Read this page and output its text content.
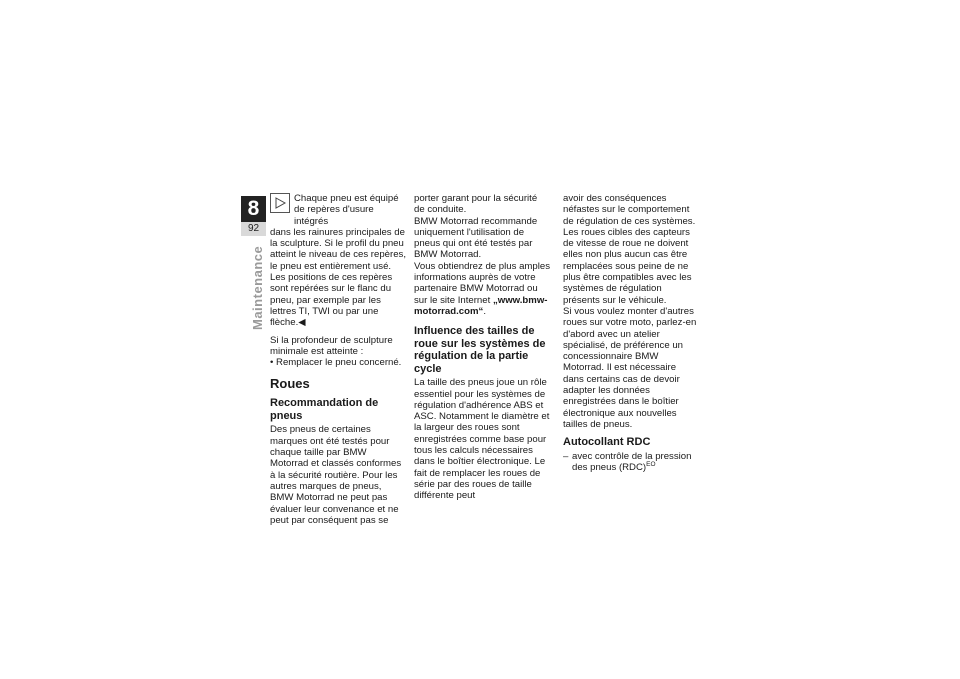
8
92
Maintenance

Chaque pneu est équipé

de repères d'usure intégrés

dans les rainures principales de la sculpture. Si le profil du pneu atteint le niveau de ces repères, le pneu est entièrement usé. Les positions de ces repères sont repérées sur le flanc du pneu, par exemple par les lettres TI, TWI ou par une flèche.◀

Si la profondeur de sculpture minimale est atteinte :

• Remplacer le pneu concerné.

Roues
Recommandation de pneus

Des pneus de certaines marques ont été testés pour chaque taille par BMW Motorrad et classés conformes à la sécurité routière. Pour les autres marques de pneus, BMW Motorrad ne peut pas évaluer leur convenance et ne peut par conséquent pas se

porter garant pour la sécurité de conduite.

BMW Motorrad recommande uniquement l'utilisation de pneus qui ont été testés par BMW Motorrad.

Vous obtiendrez de plus amples informations auprès de votre partenaire BMW Motorrad ou sur le site Internet „www.bmw-motorrad.com“.

Influence des tailles de roue sur les systèmes de régulation de la partie cycle

La taille des pneus joue un rôle essentiel pour les systèmes de régulation d'adhérence ABS et ASC. Notamment le diamètre et la largeur des roues sont enregistrées comme base pour tous les calculs nécessaires dans le boîtier électronique. Le fait de remplacer les roues de série par des roues de taille différente peut

avoir des conséquences néfastes sur le comportement de régulation de ces systèmes.

Les roues cibles des capteurs de vitesse de roue ne doivent elles non plus aucun cas être remplacées sous peine de ne plus être compatibles avec les systèmes de régulation présents sur le véhicule.

Si vous voulez monter d'autres roues sur votre moto, parlez-en d'abord avec un atelier spécialisé, de préférence un concessionnaire BMW Motorrad. Il est nécessaire dans certains cas de devoir adapter les données enregistrées dans le boîtier électronique aux nouvelles tailles de pneus.

Autocollant RDC
– avec contrôle de la pression des pneus (RDC)$^{EO}$
